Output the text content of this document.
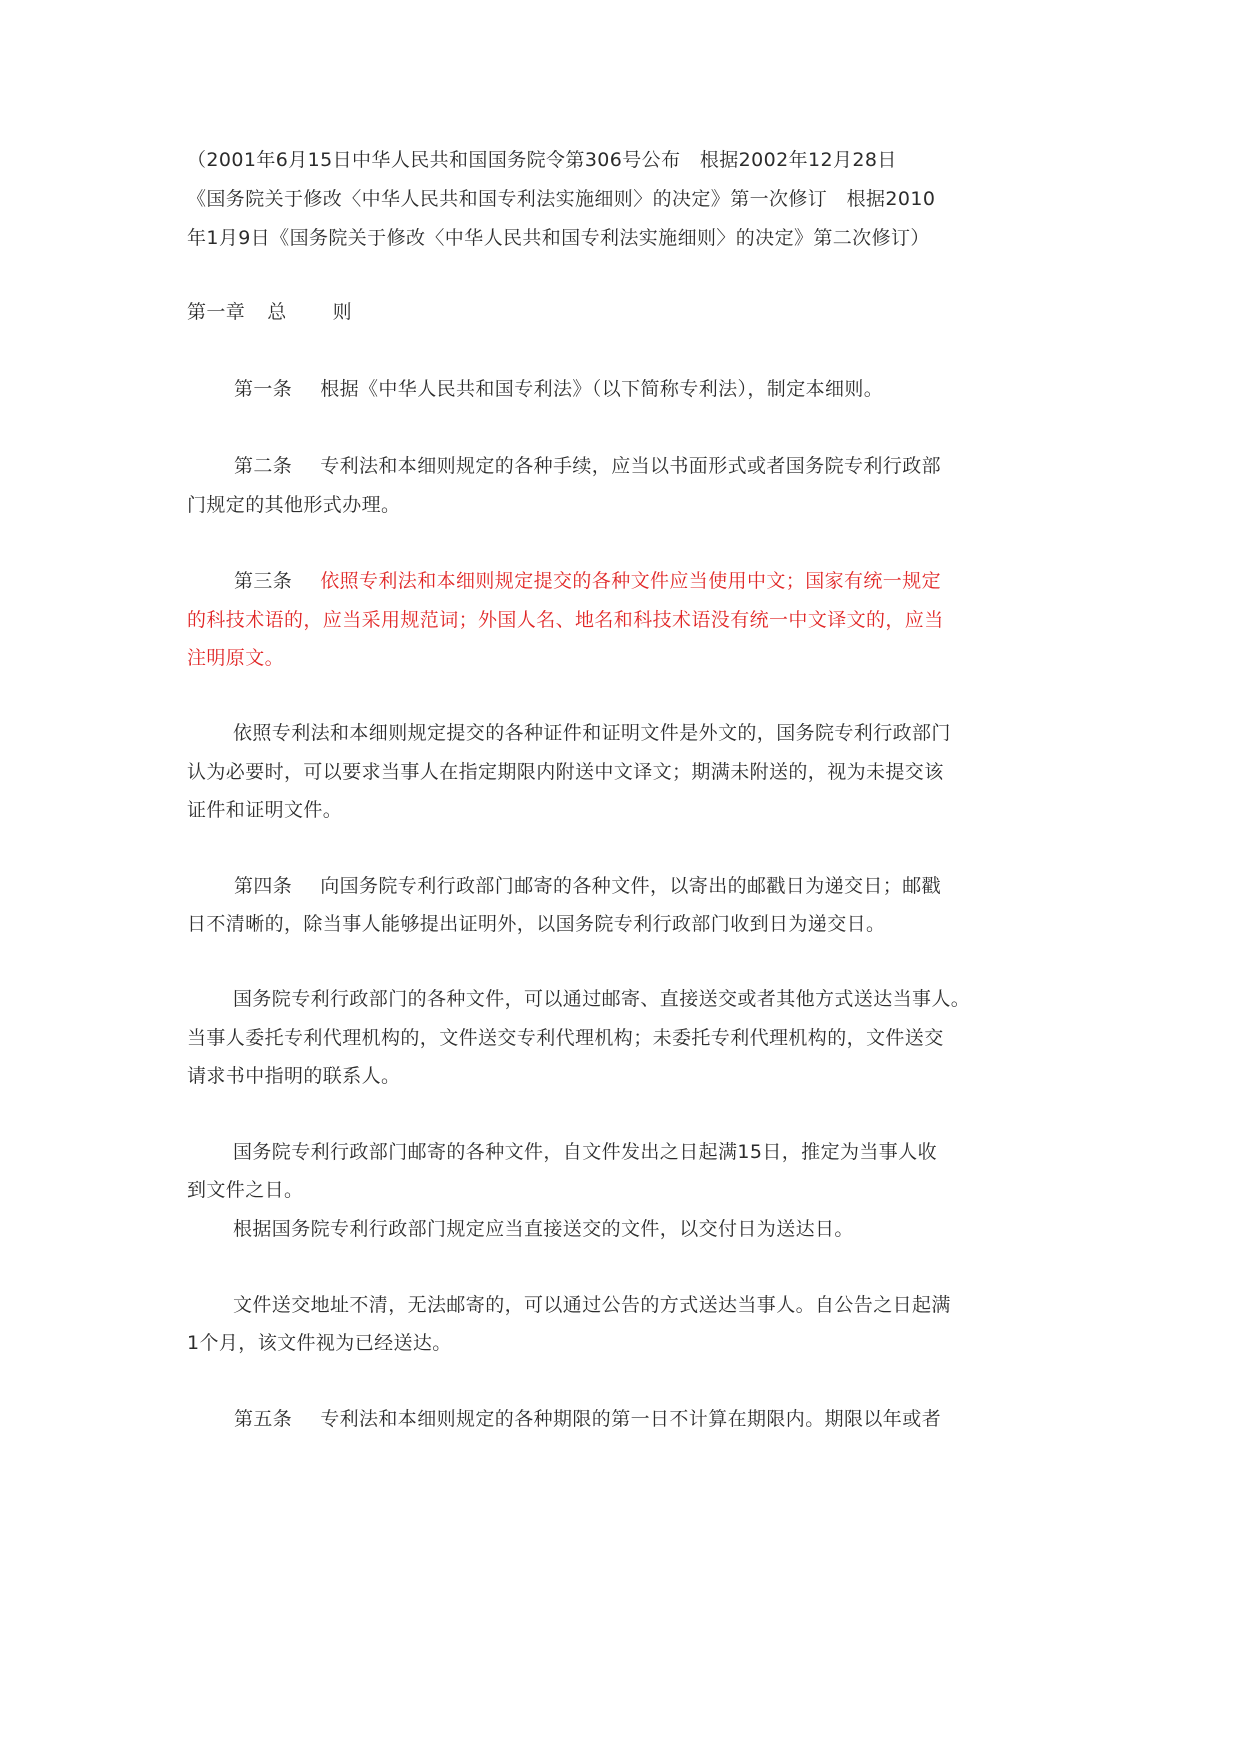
（2001年6月15日中华人民共和国国务院令第306号公布　根据2002年12月28日
《国务院关于修改〈中华人民共和国专利法实施细则〉的决定》第一次修订　根据2010
年1月9日《国务院关于修改〈中华人民共和国专利法实施细则〉的决定》第二次修订）
第一章 总 则
第一条 根据《中华人民共和国专利法》（以下简称专利法），制定本细则。
第二条 专利法和本细则规定的各种手续，应当以书面形式或者国务院专利行政部
门规定的其他形式办理。
第三条 依照专利法和本细则规定提交的各种文件应当使用中文；国家有统一规定
的科技术语的，应当采用规范词；外国人名、地名和科技术语没有统一中文译文的，应当
注明原文。
依照专利法和本细则规定提交的各种证件和证明文件是外文的，国务院专利行政部门
认为必要时，可以要求当事人在指定期限内附送中文译文；期满未附送的，视为未提交该
证件和证明文件。
第四条 向国务院专利行政部门邮寄的各种文件，以寄出的邮戳日为递交日；邮戳
日不清晰的，除当事人能够提出证明外，以国务院专利行政部门收到日为递交日。
国务院专利行政部门的各种文件，可以通过邮寄、直接送交或者其他方式送达当事人。
当事人委托专利代理机构的，文件送交专利代理机构；未委托专利代理机构的，文件送交
请求书中指明的联系人。
国务院专利行政部门邮寄的各种文件，自文件发出之日起满15日，推定为当事人收
到文件之日。
根据国务院专利行政部门规定应当直接送交的文件，以交付日为送达日。
文件送交地址不清，无法邮寄的，可以通过公告的方式送达当事人。自公告之日起满
1个月，该文件视为已经送达。
第五条 专利法和本细则规定的各种期限的第一日不计算在期限内。期限以年或者
